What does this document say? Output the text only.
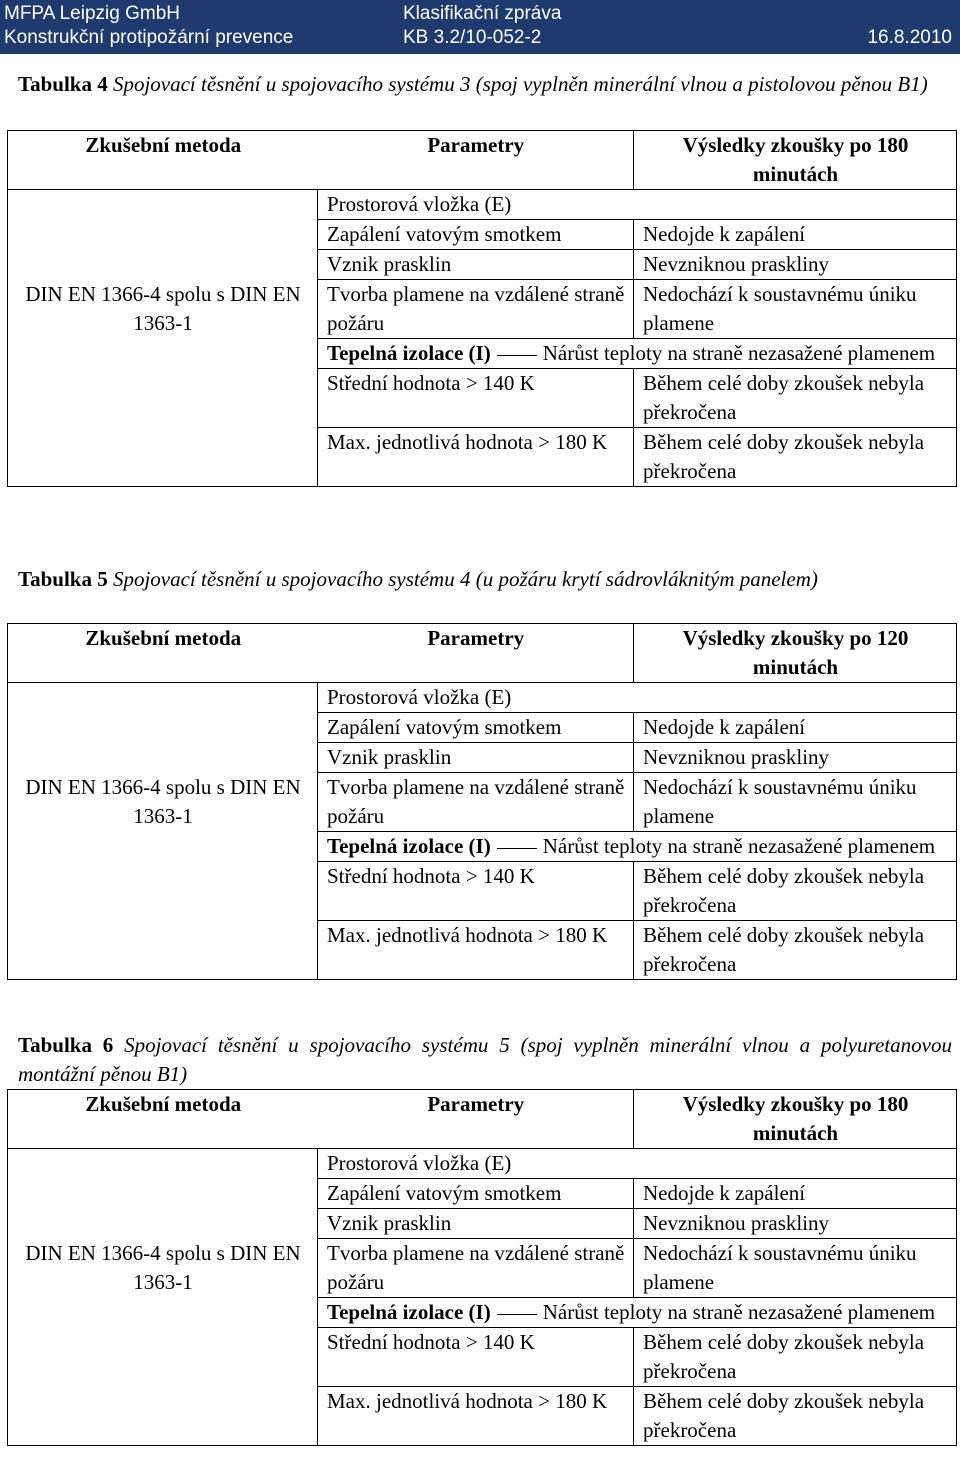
MFPA Leipzig GmbH	Klasifikační zpráva
Konstrukční protipožární prevence	KB 3.2/10-052-2	16.8.2010
Tabulka 4 Spojovací těsnění u spojovacího systému 3 (spoj vyplněn minerální vlnou a pistolovou pěnou B1)
Zkušební metoda	Parametry	Výsledky zkoušky po 180 minutách
DIN EN 1366-4 spolu s DIN EN 1363-1	Prostorová vložka (E)	
	Zapálení vatovým smotkem	Nedojde k zapálení
	Vznik prasklin	Nevzniknou praskliny
	Tvorba plamene na vzdálené straně požáru	Nedochází k soustavnému úniku plamene
	Tepelná izolace (I) Nárůst teploty na straně nezasažené plamenem	
	Střední hodnota > 140 K	Během celé doby zkoušek nebyla překročena
	Max. jednotlivá hodnota > 180 K	Během celé doby zkoušek nebyla překročena
Tabulka 5 Spojovací těsnění u spojovacího systému 4 (u požáru krytí sádrovláknitým panelem)
Zkušební metoda	Parametry	Výsledky zkoušky po 120 minutách
DIN EN 1366-4 spolu s DIN EN 1363-1	Prostorová vložka (E)	
	Zapálení vatovým smotkem	Nedojde k zapálení
	Vznik prasklin	Nevzniknou praskliny
	Tvorba plamene na vzdálené straně požáru	Nedochází k soustavnému úniku plamene
	Tepelná izolace (I) Nárůst teploty na straně nezasažené plamenem	
	Střední hodnota > 140 K	Během celé doby zkoušek nebyla překročena
	Max. jednotlivá hodnota > 180 K	Během celé doby zkoušek nebyla překročena
Tabulka 6 Spojovací těsnění u spojovacího systému 5 (spoj vyplněn minerální vlnou a polyuretanovou montážní pěnou B1)
Zkušební metoda	Parametry	Výsledky zkoušky po 180 minutách
DIN EN 1366-4 spolu s DIN EN 1363-1	Prostorová vložka (E)	
	Zapálení vatovým smotkem	Nedojde k zapálení
	Vznik prasklin	Nevzniknou praskliny
	Tvorba plamene na vzdálené straně požáru	Nedochází k soustavnému úniku plamene
	Tepelná izolace (I) Nárůst teploty na straně nezasažené plamenem	
	Střední hodnota > 140 K	Během celé doby zkoušek nebyla překročena
	Max. jednotlivá hodnota > 180 K	Během celé doby zkoušek nebyla překročena
